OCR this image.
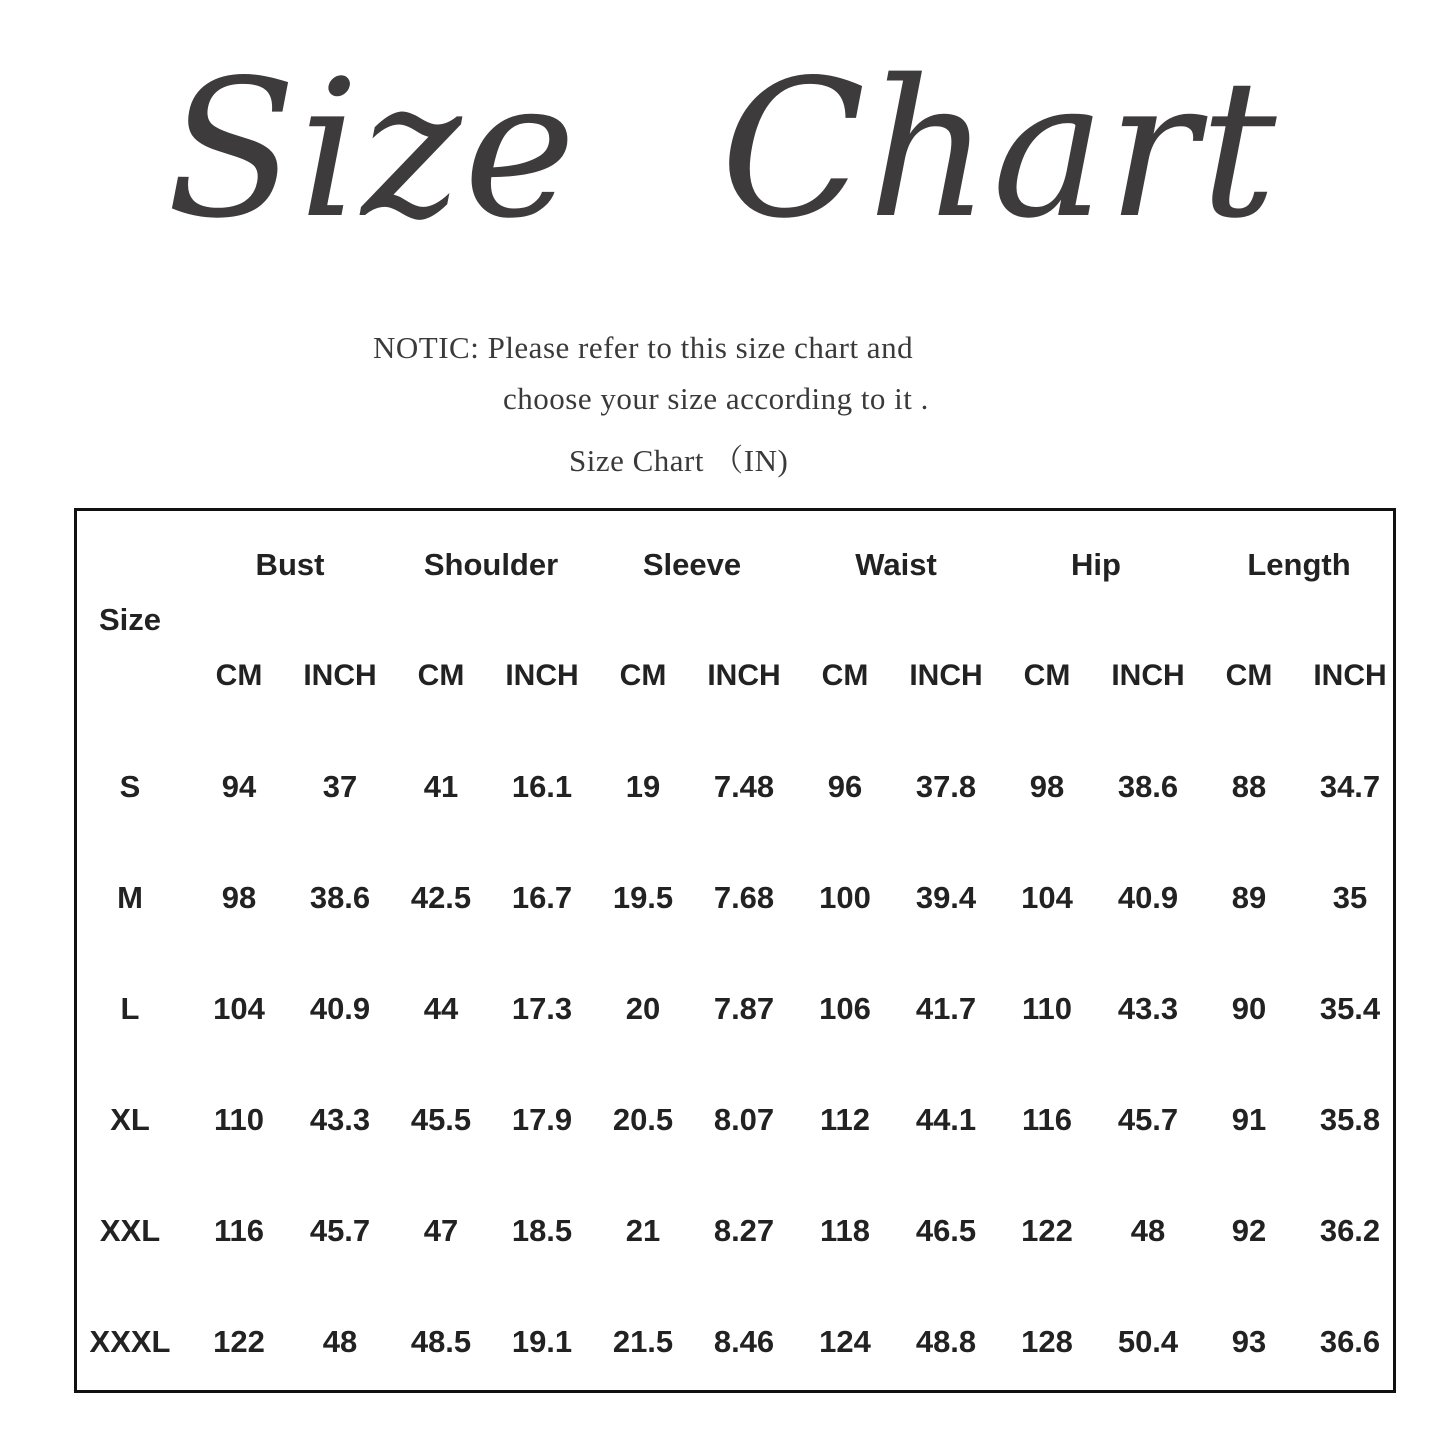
Size Chart
NOTIC: Please refer to this size chart and
choose your size according to it .
Size Chart （IN)
Size
Bust
CM INCH
Shoulder
CM INCH
Sleeve
CM INCH
Waist
CM INCH
Hip
CM INCH
Length
CM INCH
S	94 37 41 16.1 19 7.48 96 37.8 98 38.6 88 34.7
M	98 38.6 42.5 16.7 19.5 7.68 100 39.4 104 40.9 89 35
L 104 40.9 44 17.3 20 7.87 106 41.7 110 43.3 90 35.4
XL 110 43.3 45.5 17.9 20.5 8.07 112 44.1 116 45.7 91 35.8
XXL 116 45.7 47 18.5 21 8.27 118 46.5 122 48 92 36.2
XXXL 122 48 48.5 19.1 21.5 8.46 124 48.8 128 50.4 93 36.6
